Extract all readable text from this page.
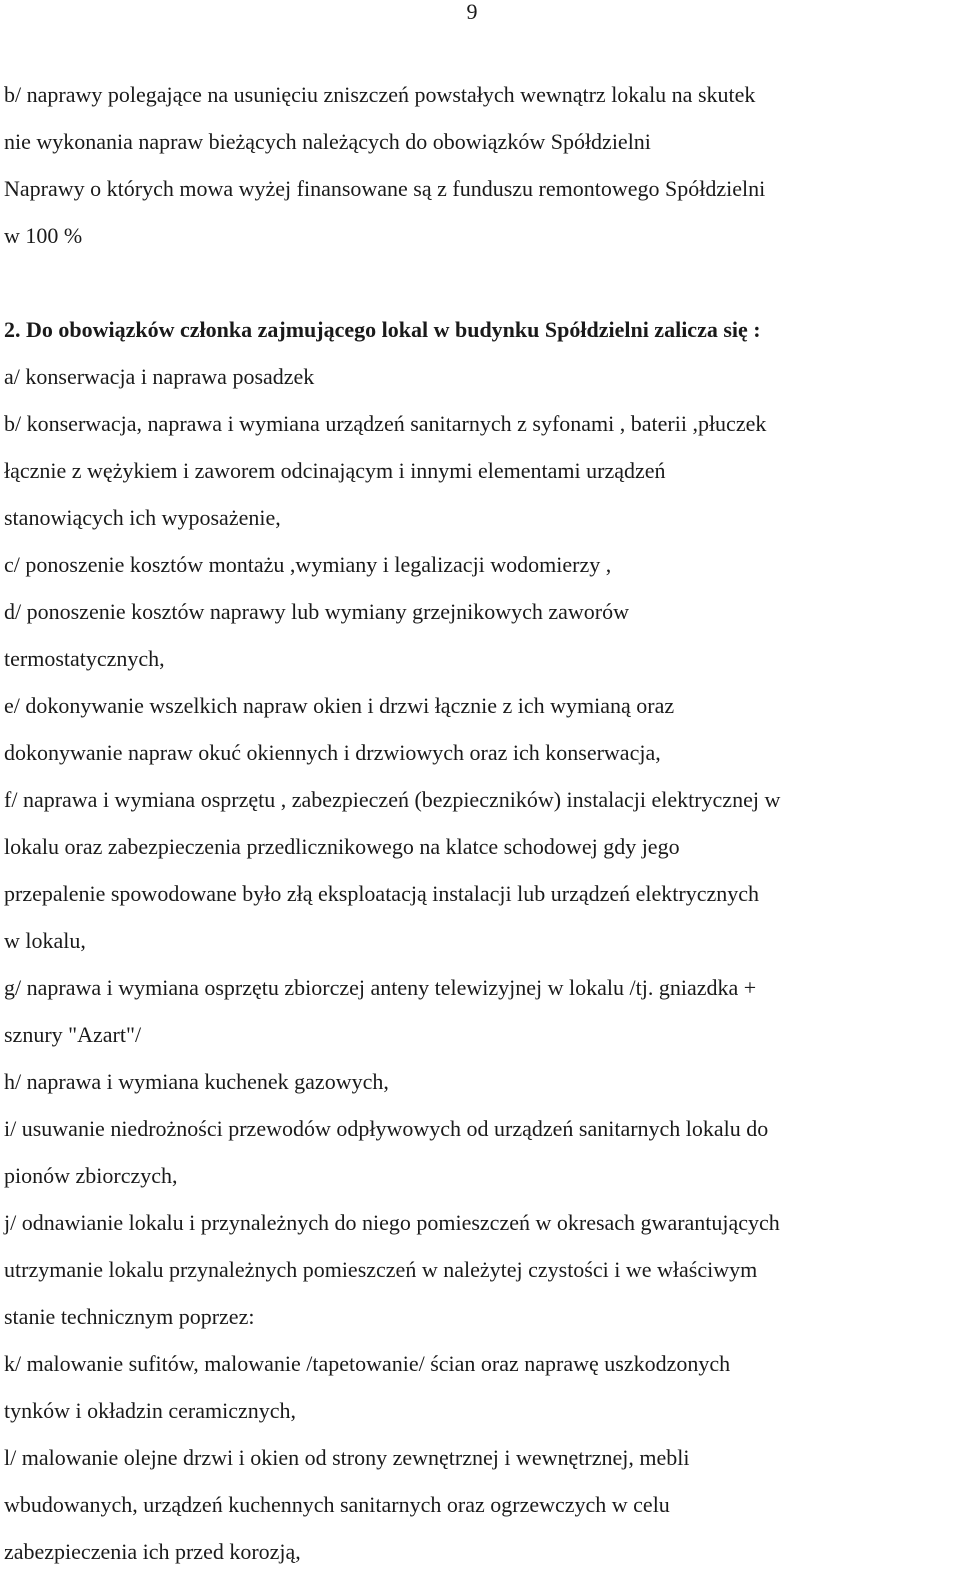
9
b/ naprawy polegające na usunięciu zniszczeń powstałych wewnątrz lokalu na skutek
nie wykonania napraw bieżących należących do obowiązków Spółdzielni
Naprawy o których mowa wyżej finansowane są z funduszu remontowego Spółdzielni
w 100 %
2. Do obowiązków członka zajmującego lokal w budynku Spółdzielni zalicza się :
a/ konserwacja i naprawa posadzek
b/ konserwacja, naprawa i wymiana urządzeń sanitarnych z syfonami , baterii ,płuczek
łącznie z wężykiem i zaworem odcinającym i innymi elementami urządzeń
stanowiących ich wyposażenie,
c/ ponoszenie kosztów montażu ,wymiany i legalizacji wodomierzy ,
d/ ponoszenie kosztów naprawy lub wymiany grzejnikowych zaworów
termostatycznych,
e/ dokonywanie wszelkich napraw okien i drzwi łącznie z ich wymianą oraz
dokonywanie napraw okuć okiennych i drzwiowych oraz ich konserwacja,
f/ naprawa i wymiana osprzętu , zabezpieczeń (bezpieczników) instalacji elektrycznej w
lokalu oraz zabezpieczenia przedlicznikowego na klatce schodowej gdy jego
przepalenie spowodowane było złą eksploatacją instalacji lub urządzeń elektrycznych
w lokalu,
g/ naprawa i wymiana osprzętu zbiorczej anteny telewizyjnej w lokalu /tj. gniazdka +
sznury "Azart"/
h/ naprawa i wymiana kuchenek gazowych,
i/ usuwanie niedrożności przewodów odpływowych od urządzeń sanitarnych lokalu do
pionów zbiorczych,
j/ odnawianie lokalu i przynależnych do niego pomieszczeń w okresach gwarantujących
utrzymanie lokalu przynależnych pomieszczeń w należytej czystości i we właściwym
stanie technicznym poprzez:
k/ malowanie sufitów, malowanie /tapetowanie/ ścian oraz naprawę uszkodzonych
tynków i okładzin ceramicznych,
l/ malowanie olejne drzwi i okien od strony zewnętrznej i wewnętrznej, mebli
wbudowanych, urządzeń kuchennych sanitarnych oraz ogrzewczych w celu
zabezpieczenia ich przed korozją,
